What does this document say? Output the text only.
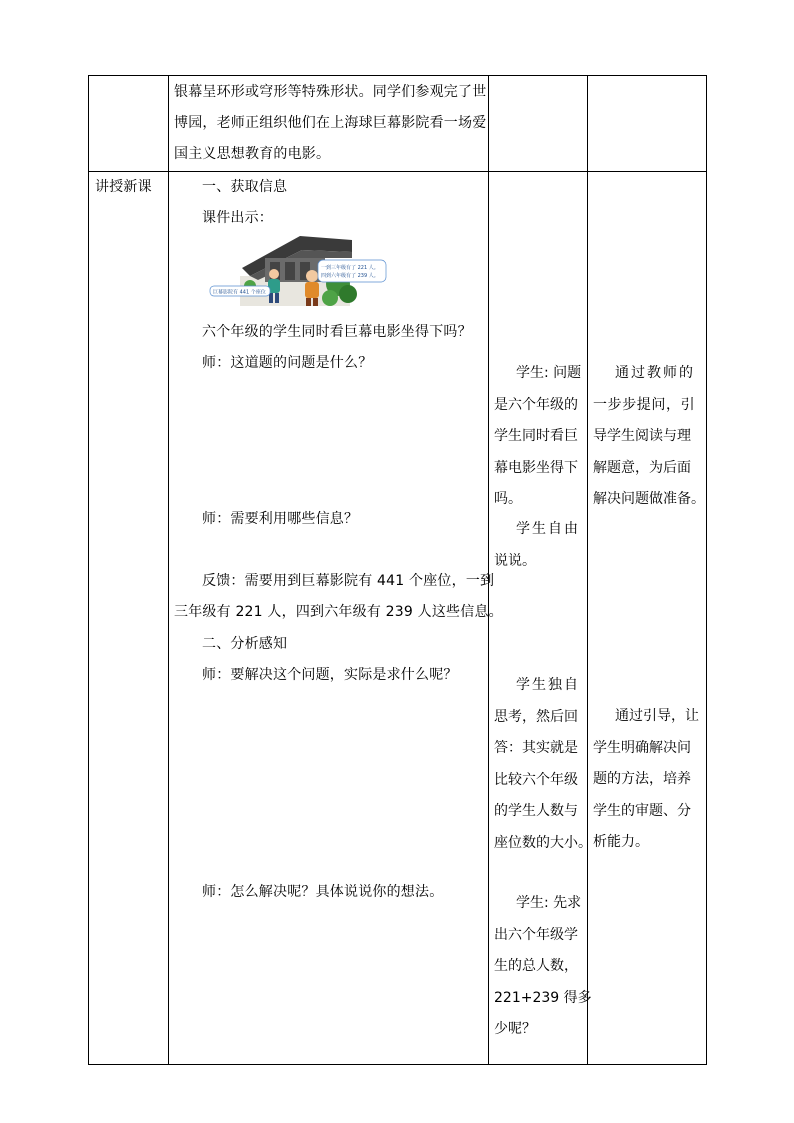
银幕呈环形或穹形等特殊形状。同学们参观完了世
博园，老师正组织他们在上海球巨幕影院看一场爱
国主义思想教育的电影。
讲授新课	一、获取信息
课件出示：
巨幕影院有 441 个座位
一到三年级有了 221 人。
四到六年级有了 239 人。
六个年级的学生同时看巨幕电影坐得下吗？
师：这道题的问题是什么？
师：需要利用哪些信息？
反馈：需要用到巨幕影院有 441 个座位，一到
三年级有 221 人，四到六年级有 239 人这些信息。
二、分析感知
师：要解决这个问题，实际是求什么呢？
师：怎么解决呢？具体说说你的想法。

学生: 问题

是六个年级的

学生同时看巨

幕电影坐得下

吗。

学生自由

说说。

学生独自

思考，然后回

答：其实就是

比较六个年级

的学生人数与

座位数的大小。

学生: 先求

出六个年级学

生的总人数，

221+239 得多

少呢？

通过教师的

一步步提问，引

导学生阅读与理

解题意，为后面

解决问题做准备。

通过引导，让

学生明确解决问

题的方法，培养

学生的审题、分

析能力。
